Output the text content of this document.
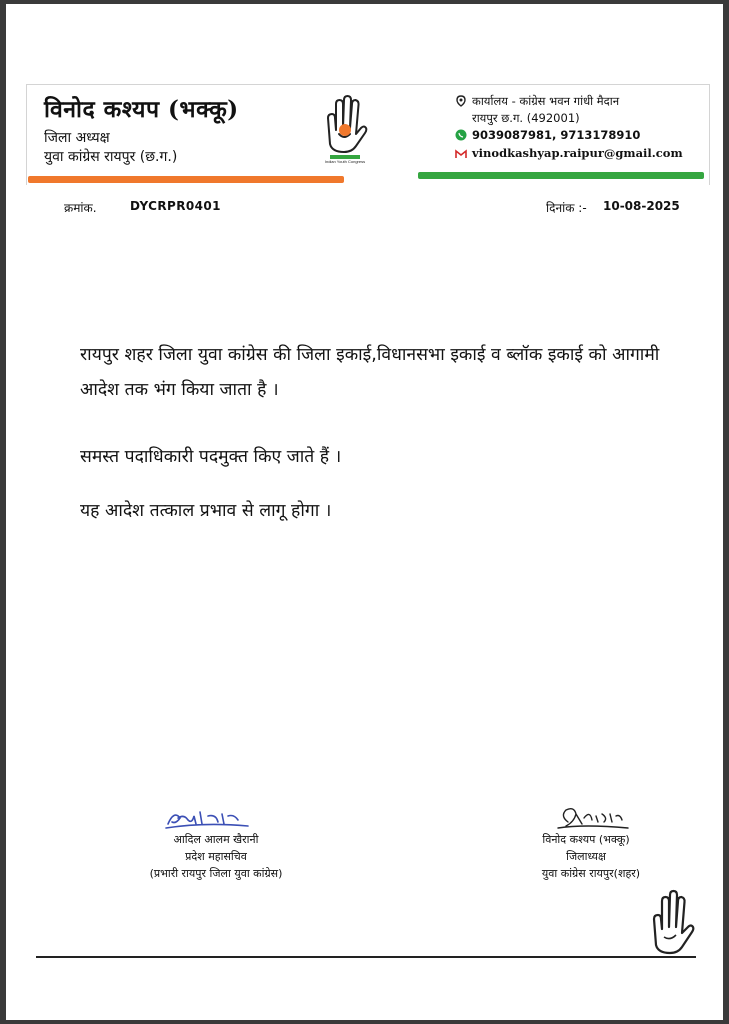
विनोद कश्यप (भक्कू)
जिला अध्यक्ष
युवा कांग्रेस रायपुर (छ.ग.)	Indian Youth Congress
कार्यालय - कांग्रेस भवन गांधी मैदान
रायपुर छ.ग. (492001)
9039087981, 9713178910
vinodkashyap.raipur@gmail.com
क्रमांक.	DYCRPR0401	दिनांक :- 10-08-2025

रायपुर शहर जिला युवा कांग्रेस की जिला इकाई,विधानसभा इकाई व ब्लॉक इकाई को आगामी आदेश तक भंग किया जाता है ।

समस्त पदाधिकारी पदमुक्त किए जाते हैं ।

यह आदेश तत्काल प्रभाव से लागू होगा ।

आदिल आलम खैरानी
प्रदेश महासचिव
(प्रभारी रायपुर जिला युवा कांग्रेस)
विनोद कश्यप (भक्कू)
जिलाध्यक्ष
युवा कांग्रेस रायपुर(शहर)
